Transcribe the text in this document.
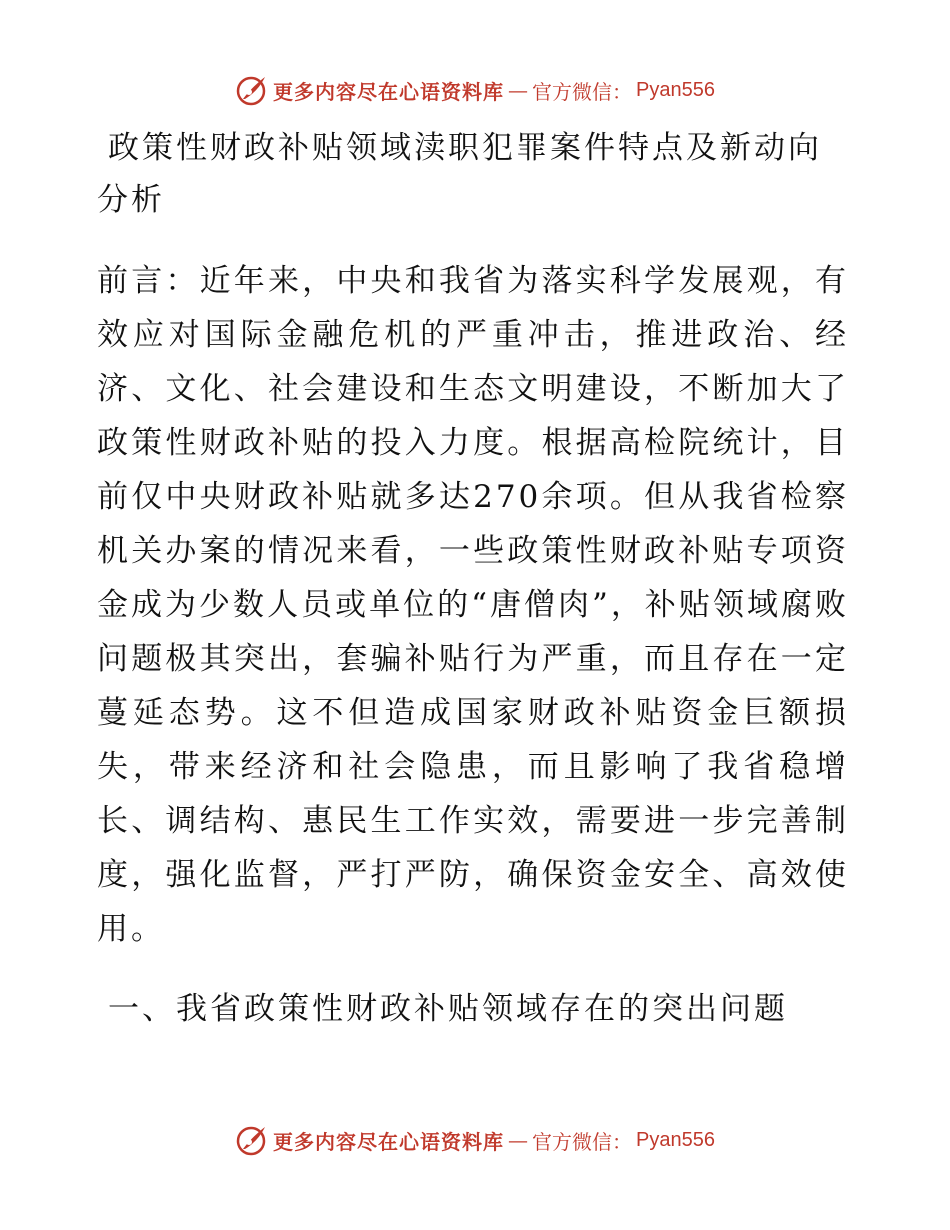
更多内容尽在心语资料库 — 官方微信： Pyan556
政策性财政补贴领域渎职犯罪案件特点及新动向分析

前言：近年来，中央和我省为落实科学发展观，有效应对国际金融危机的严重冲击，推进政治、经济、文化、社会建设和生态文明建设，不断加大了政策性财政补贴的投入力度。根据高检院统计，目前仅中央财政补贴就多达270余项。但从我省检察机关办案的情况来看，一些政策性财政补贴专项资金成为少数人员或单位的“唐僧肉”，补贴领域腐败问题极其突出，套骗补贴行为严重，而且存在一定蔓延态势。这不但造成国家财政补贴资金巨额损失，带来经济和社会隐患，而且影响了我省稳增长、调结构、惠民生工作实效，需要进一步完善制度，强化监督，严打严防，确保资金安全、高效使用。

一、我省政策性财政补贴领域存在的突出问题
更多内容尽在心语资料库 — 官方微信： Pyan556
